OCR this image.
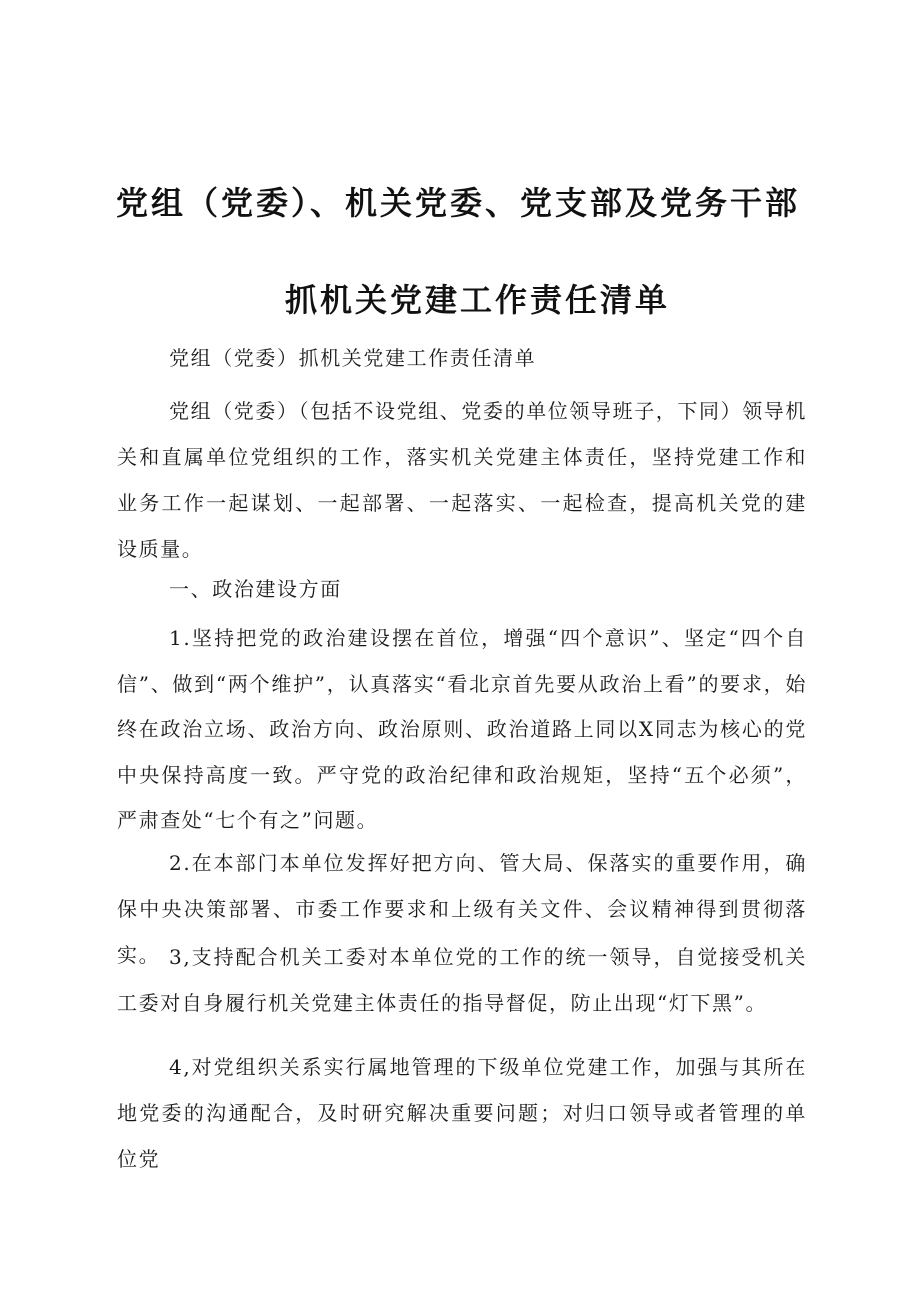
党组（党委）、机关党委、党支部及党务干部
抓机关党建工作责任清单

党组（党委）抓机关党建工作责任清单

党组（党委）（包括不设党组、党委的单位领导班子，下同）领导机关和直属单位党组织的工作，落实机关党建主体责任，坚持党建工作和业务工作一起谋划、一起部署、一起落实、一起检查，提高机关党的建设质量。

一、政治建设方面

1.坚持把党的政治建设摆在首位，增强“四个意识”、坚定“四个自信”、做到“两个维护”，认真落实“看北京首先要从政治上看”的要求，始终在政治立场、政治方向、政治原则、政治道路上同以X同志为核心的党中央保持高度一致。严守党的政治纪律和政治规矩，坚持“五个必须”，严肃查处“七个有之”问题。

2.在本部门本单位发挥好把方向、管大局、保落实的重要作用，确保中央决策部署、市委工作要求和上级有关文件、会议精神得到贯彻落实。 3,支持配合机关工委对本单位党的工作的统一领导，自觉接受机关工委对自身履行机关党建主体责任的指导督促，防止出现“灯下黑”。

4,对党组织关系实行属地管理的下级单位党建工作，加强与其所在地党委的沟通配合，及时研究解决重要问题；对归口领导或者管理的单位党
